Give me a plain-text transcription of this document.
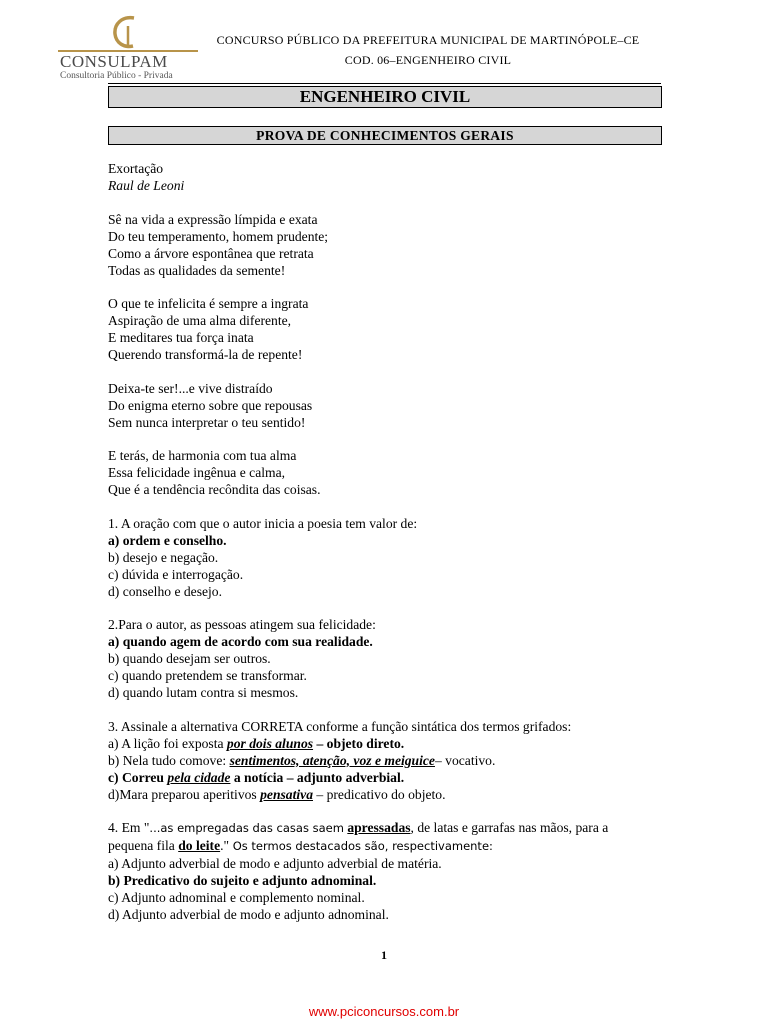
CONSULPAM
Consultoria Público - Privada
CONCURSO PÚBLICO DA PREFEITURA MUNICIPAL DE MARTINÓPOLE–CE
COD. 06–ENGENHEIRO CIVIL
ENGENHEIRO CIVIL
PROVA DE CONHECIMENTOS GERAIS

Exortação

Raul de Leoni

Sê na vida a expressão límpida e exata

Do teu temperamento, homem prudente;

Como a árvore espontânea que retrata

Todas as qualidades da semente!

O que te infelicita é sempre a ingrata

Aspiração de uma alma diferente,

E meditares tua força inata

Querendo transformá-la de repente!

Deixa-te ser!...e vive distraído

Do enigma eterno sobre que repousas

Sem nunca interpretar o teu sentido!

E terás, de harmonia com tua alma

Essa felicidade ingênua e calma,

Que é a tendência recôndita das coisas.

1. A oração com que o autor inicia a poesia tem valor de:

a) ordem e conselho.

b) desejo e negação.

c) dúvida e interrogação.

d) conselho e desejo.

2.Para o autor, as pessoas atingem sua felicidade:

a) quando agem de acordo com sua realidade.

b) quando desejam ser outros.

c) quando pretendem se transformar.

d) quando lutam contra si mesmos.

3. Assinale a alternativa CORRETA conforme a função sintática dos termos grifados:

a) A lição foi exposta por dois alunos – objeto direto.

b) Nela tudo comove: sentimentos, atenção, voz e meiguice– vocativo.

c) Correu pela cidade a notícia – adjunto adverbial.

d)Mara preparou aperitivos pensativa – predicativo do objeto.

4. Em "...as empregadas das casas saem apressadas, de latas e garrafas nas mãos, para a

pequena fila do leite." Os termos destacados são, respectivamente:

a) Adjunto adverbial de modo e adjunto adverbial de matéria.

b) Predicativo do sujeito e adjunto adnominal.

c) Adjunto adnominal e complemento nominal.

d) Adjunto adverbial de modo e adjunto adnominal.

1
www.pciconcursos.com.br
